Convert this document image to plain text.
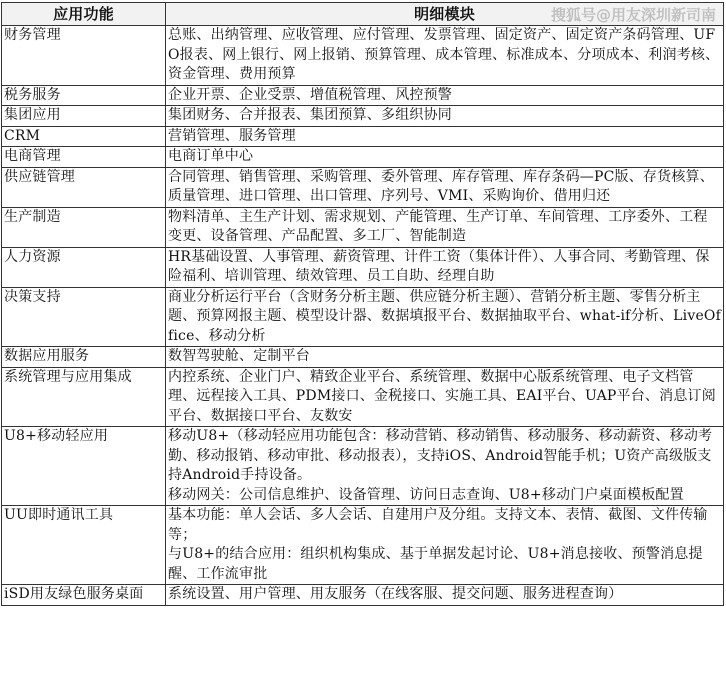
应用功能	明细模块
财务管理	总账、出纳管理、应收管理、应付管理、发票管理、固定资产、固定资产条码管理、UFO报表、网上银行、网上报销、预算管理、成本管理、标准成本、分项成本、利润考核、资金管理、费用预算

税务服务	企业开票、企业受票、增值税管理、风控预警

集团应用	集团财务、合并报表、集团预算、多组织协同

CRM	营销管理、服务管理

电商管理	电商订单中心

供应链管理	合同管理、销售管理、采购管理、委外管理、库存管理、库存条码—PC版、存货核算、质量管理、进口管理、出口管理、序列号、VMI、采购询价、借用归还

生产制造	物料清单、主生产计划、需求规划、产能管理、生产订单、车间管理、工序委外、工程变更、设备管理、产品配置、多工厂、智能制造

人力资源	HR基础设置、人事管理、薪资管理、计件工资（集体计件）、人事合同、考勤管理、保险福利、培训管理、绩效管理、员工自助、经理自助

决策支持	商业分析运行平台（含财务分析主题、供应链分析主题）、营销分析主题、零售分析主题、预算网报主题、模型设计器、数据填报平台、数据抽取平台、what-if分析、LiveOffice、移动分析

数据应用服务	数智驾驶舱、定制平台

系统管理与应用集成	内控系统、企业门户、精致企业平台、系统管理、数据中心版系统管理、电子文档管理、远程接入工具、PDM接口、金税接口、实施工具、EAI平台、UAP平台、消息订阅平台、数据接口平台、友数安

U8+移动轻应用	移动U8+（移动轻应用功能包含：移动营销、移动销售、移动服务、移动薪资、移动考勤、移动报销、移动审批、移动报表），支持iOS、Android智能手机；U资产高级版支持Android手持设备。
移动网关：公司信息维护、设备管理、访问日志查询、U8+移动门户桌面模板配置

UU即时通讯工具	基本功能：单人会话、多人会话、自建用户及分组。支持文本、表情、截图、文件传输等；
与U8+的结合应用：组织机构集成、基于单据发起讨论、U8+消息接收、预警消息提醒、工作流审批

iSD用友绿色服务桌面	系统设置、用户管理、用友服务（在线客服、提交问题、服务进程查询）
搜狐号@用友深圳新司南
